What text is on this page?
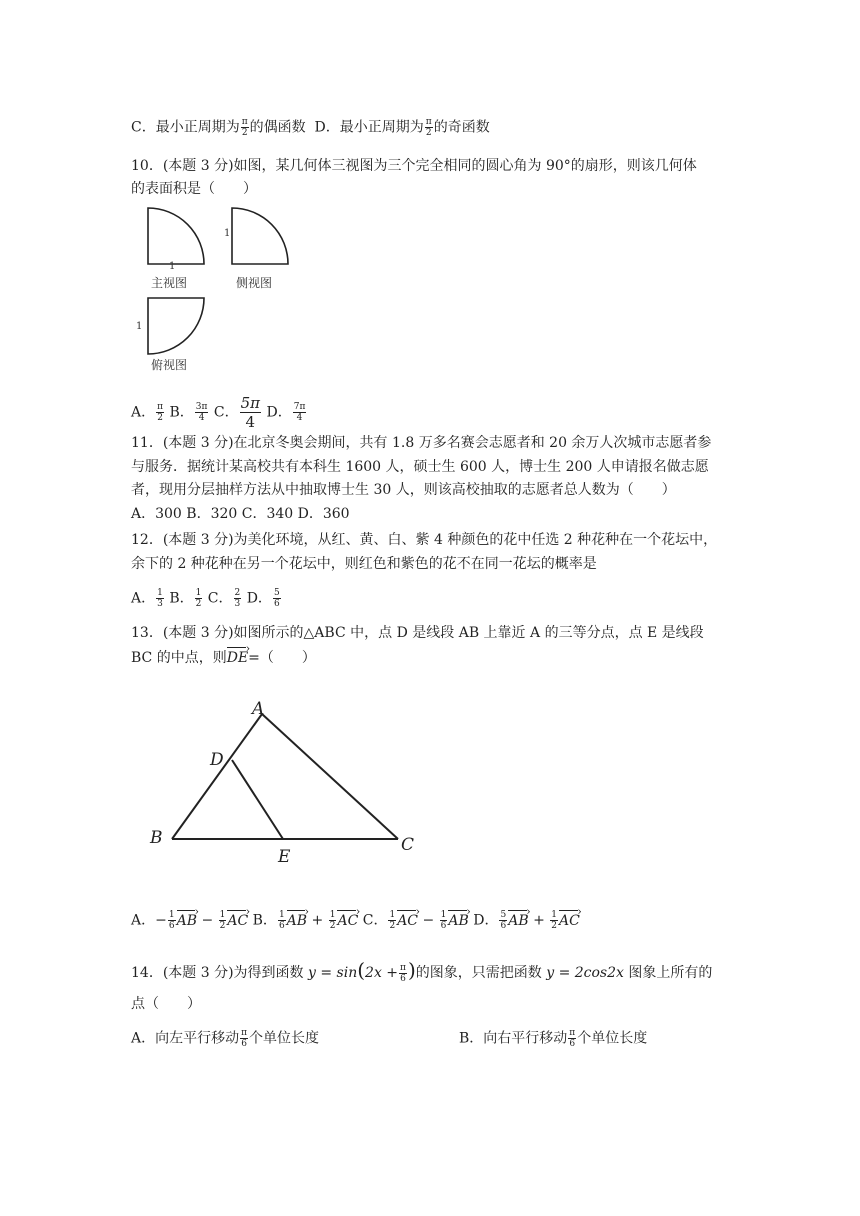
C．最小正周期为 $\frac{\pi}{2}$ 的偶函数 D．最小正周期为 $\frac{\pi}{2}$ 的奇函数
10．(本题 3 分)如图，某几何体三视图为三个完全相同的圆心角为 90°的扇形，则该几何体
的表面积是（　　）
1
主视图
1
侧视图
1
俯视图
A． $\frac{\pi}{2}$ B． $\frac{3\pi}{4}$ C． $\frac{5\pi}{4}$ D． $\frac{7\pi}{4}$
11．(本题 3 分)在北京冬奥会期间，共有 1.8 万多名赛会志愿者和 20 余万人次城市志愿者参
与服务．据统计某高校共有本科生 1600 人，硕士生 600 人，博士生 200 人申请报名做志愿
者，现用分层抽样方法从中抽取博士生 30 人，则该高校抽取的志愿者总人数为（　　）
A．300 B．320 C．340 D．360
12．(本题 3 分)为美化环境，从红、黄、白、紫 4 种颜色的花中任选 2 种花种在一个花坛中，
余下的 2 种花种在另一个花坛中，则红色和紫色的花不在同一花坛的概率是
A． $\frac{1}{3}$ B． $\frac{1}{2}$ C． $\frac{2}{3}$ D． $\frac{5}{6}$
13．(本题 3 分)如图所示的△ABC 中，点 D 是线段 AB 上靠近 A 的三等分点，点 E 是线段
BC 的中点，则DE ›=（　　）
A
D
B
E
C
A．− $\frac{1}{6}$ AB › − $\frac{1}{2}$ AC › B． $\frac{1}{6}$ AB › + $\frac{1}{2}$ AC › C． $\frac{1}{2}$ AC › − $\frac{1}{6}$ AB › D． $\frac{5}{6}$ AB › + $\frac{1}{2}$ AC ›
14．(本题 3 分)为得到函数 $y = \sin(2x + \frac{\pi}{6}$ )的图象，只需把函数 y = 2cos2x 图象上所有的
点（　　）
A．向左平行移动 $\frac{\pi}{6}$ 个单位长度	B．向右平行移动 $\frac{\pi}{6}$ 个单位长度
